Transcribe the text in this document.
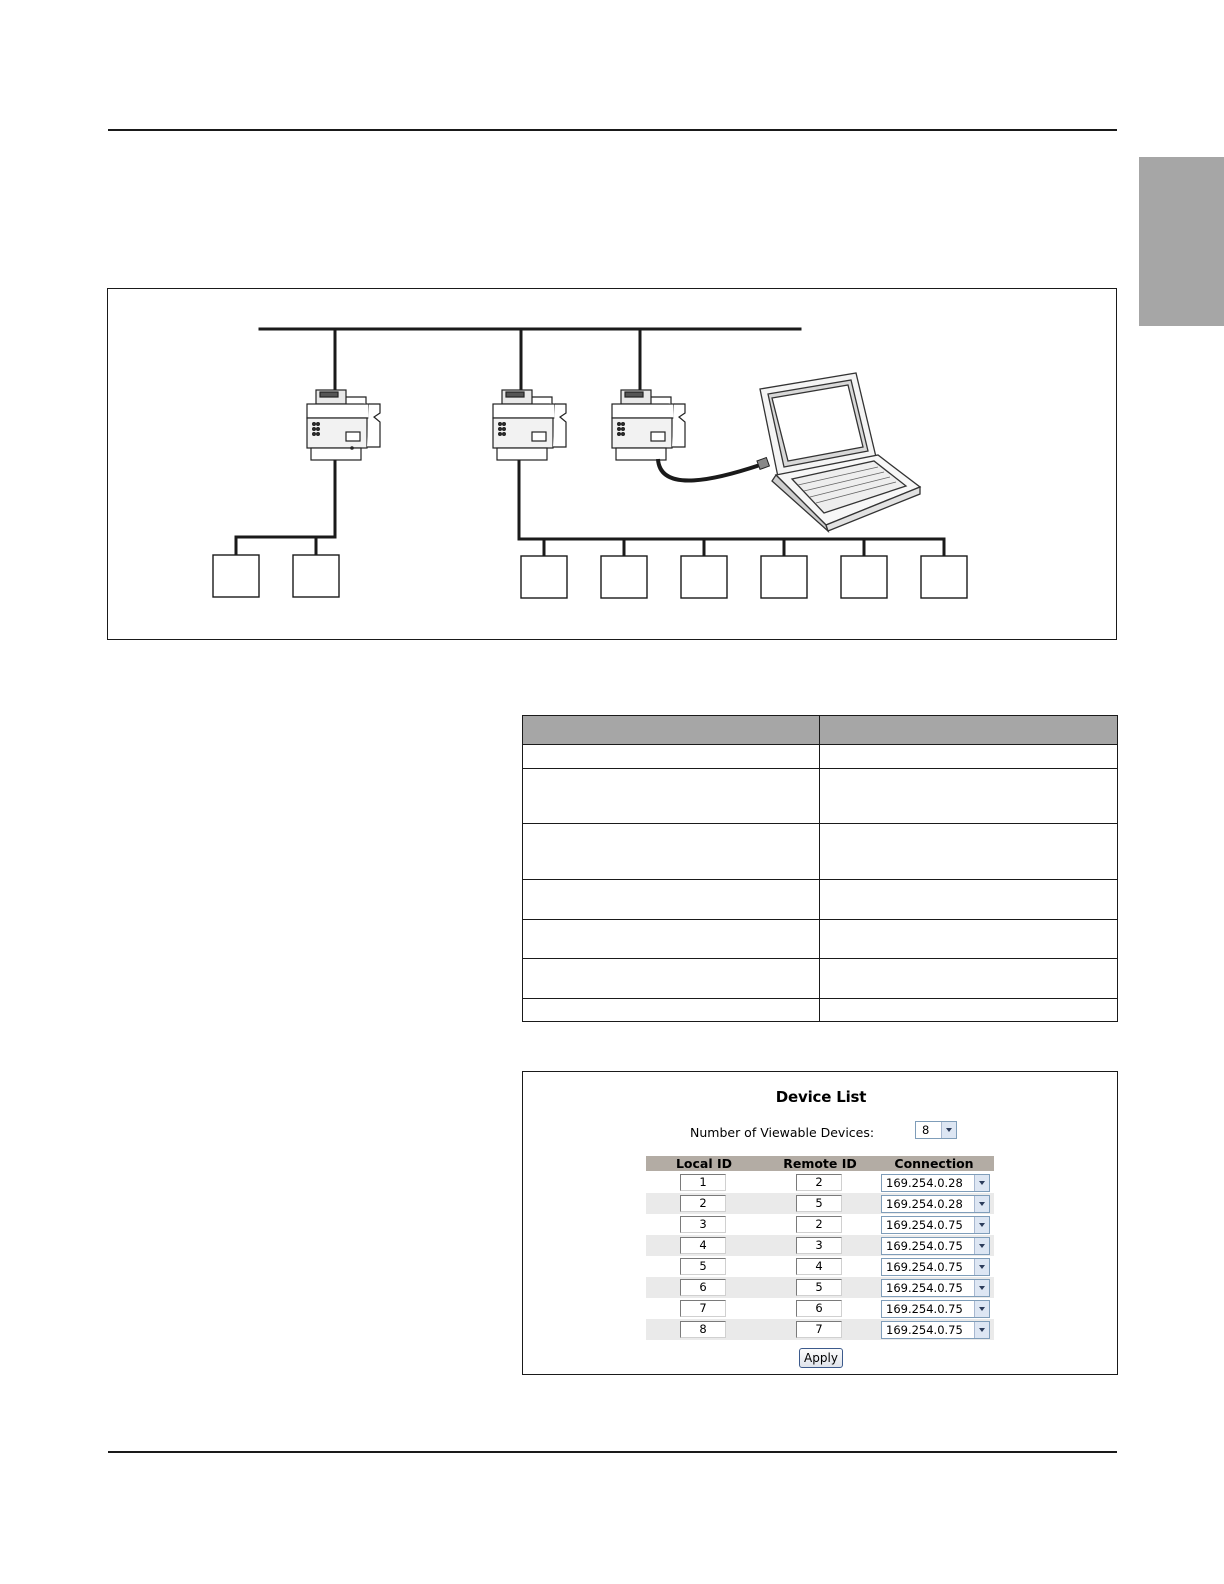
Device List
Number of Viewable Devices:	8
Local ID	Remote ID	Connection
1	2	169.254.0.28
2	5	169.254.0.28
3	2	169.254.0.75
4	3	169.254.0.75
5	4	169.254.0.75
6	5	169.254.0.75
7	6	169.254.0.75
8	7	169.254.0.75
Apply
